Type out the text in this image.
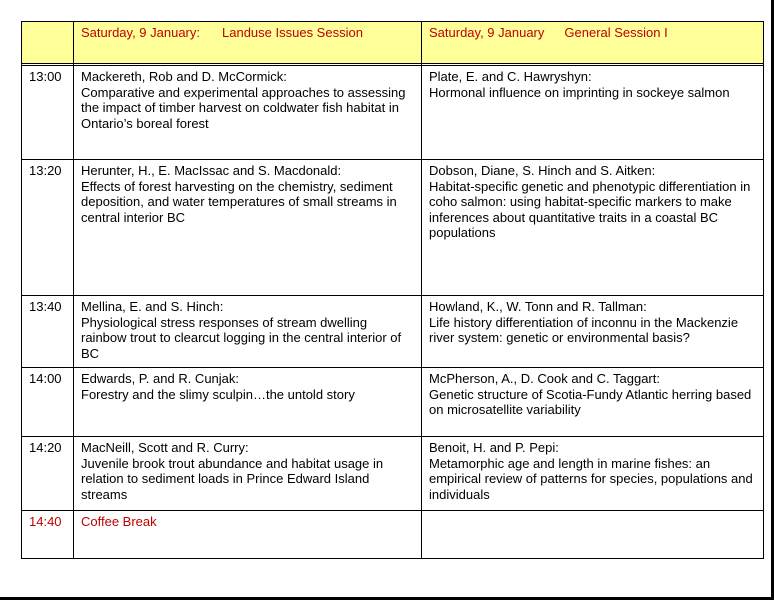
	Saturday, 9 January: Landuse Issues Session	Saturday, 9 January General Session I

13:00	Mackereth, Rob and D. McCormick:
Comparative and experimental approaches to assessing the impact of timber harvest on coldwater fish habitat in Ontario’s boreal forest	Plate, E. and C. Hawryshyn:
Hormonal influence on imprinting in sockeye salmon

13:20	Herunter, H., E. MacIssac and S. Macdonald:
Effects of forest harvesting on the chemistry, sediment deposition, and water temperatures of small streams in central interior BC	Dobson, Diane, S. Hinch and S. Aitken:
Habitat-specific genetic and phenotypic differentiation in coho salmon: using habitat-specific markers to make inferences about quantitative traits in a coastal BC populations

13:40	Mellina, E. and S. Hinch:
Physiological stress responses of stream dwelling rainbow trout to clearcut logging in the central interior of BC	Howland, K., W. Tonn and R. Tallman:
Life history differentiation of inconnu in the Mackenzie river system: genetic or environmental basis?

14:00	Edwards, P. and R. Cunjak:
Forestry and the slimy sculpin…the untold story	McPherson, A., D. Cook and C. Taggart:
Genetic structure of Scotia-Fundy Atlantic herring based on microsatellite variability

14:20	MacNeill, Scott and R. Curry:
Juvenile brook trout abundance and habitat usage in relation to sediment loads in Prince Edward Island streams	Benoit, H. and P. Pepi:
Metamorphic age and length in marine fishes: an empirical review of patterns for species, populations and individuals

14:40	Coffee Break	
